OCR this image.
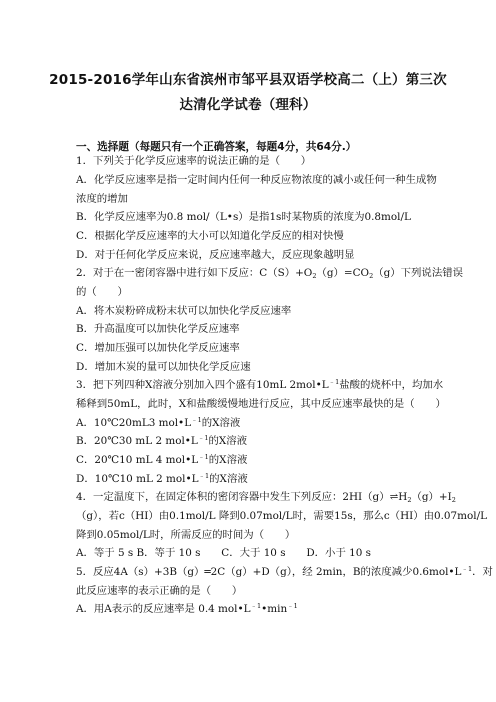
2015-2016学年山东省滨州市邹平县双语学校高二（上）第三次
达清化学试卷（理科）
一、选择题（每题只有一个正确答案，每题4分，共64分.）
1．下列关于化学反应速率的说法正确的是（　　）
A．化学反应速率是指一定时间内任何一种反应物浓度的减小或任何一种生成物
浓度的增加
B．化学反应速率为0.8 mol/（L•s）是指1s时某物质的浓度为0.8mol/L
C．根据化学反应速率的大小可以知道化学反应的相对快慢
D．对于任何化学反应来说，反应速率越大，反应现象越明显
2．对于在一密闭容器中进行如下反应：$C(S)+O_2(g)=CO_2(g)$下列说法错误
的（　　）
A．将木炭粉碎成粉末状可以加快化学反应速率
B．升高温度可以加快化学反应速率
C．增加压强可以加快化学反应速率
D．增加木炭的量可以加快化学反应速
3．把下列四种X溶液分别加入四个盛有10mL $2mol•L^{﹣1}$盐酸的烧杯中，均加水
稀释到50mL，此时，X和盐酸缓慢地进行反应，其中反应速率最快的是（　　）
A．10℃20mL3 $mol•L^{﹣1}$的X溶液
B．20℃30 mL 2 $mol•L^{﹣1}$的X溶液
C．20℃10 mL 4 $mol•L^{﹣1}$的X溶液
D．10℃10 mL 2 $mol•L^{﹣1}$的X溶液
4．一定温度下，在固定体积的密闭容器中发生下列反应：$2HI(g)\rightleftharpoons H_2(g)+I_2$
（g），若c（HI）由0.1mol/L 降到0.07mol/L时，需要15s，那么c（HI）由0.07mol/L
降到0.05mol/L时，所需反应的时间为（　　）
A．等于 5 s B．等于 10 s　　C．大于 10 s　　D．小于 10 s
5．反应4A（s）+3B（g）═2C（g）+D（g），经 2min，B的浓度减少$0.6mol•L^{﹣1}$．对
此反应速率的表示正确的是（　　）
A．用A表示的反应速率是 0.4 $mol•L^{﹣1}•\min^{﹣1}$
